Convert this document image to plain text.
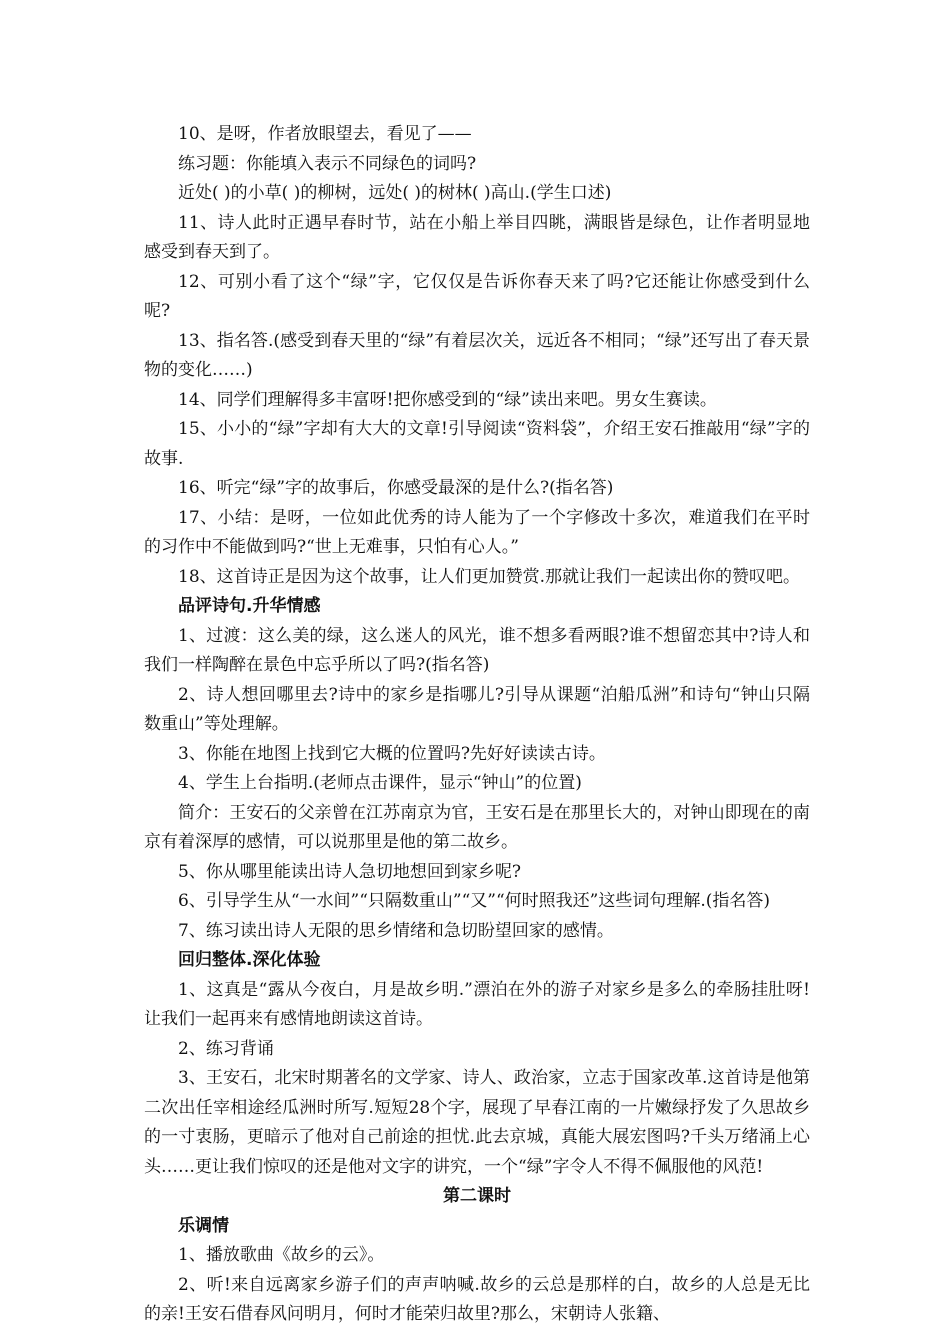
10、是呀，作者放眼望去，看见了——

练习题：你能填入表示不同绿色的词吗?

近处( )的小草( )的柳树，远处( )的树林( )高山.(学生口述)

11、诗人此时正遇早春时节，站在小船上举目四眺，满眼皆是绿色，让作者明显地感受到春天到了。

12、可别小看了这个“绿”字，它仅仅是告诉你春天来了吗?它还能让你感受到什么呢?

13、指名答.(感受到春天里的“绿”有着层次关，远近各不相同；“绿”还写出了春天景物的变化……)

14、同学们理解得多丰富呀!把你感受到的“绿”读出来吧。男女生赛读。

15、小小的“绿”字却有大大的文章!引导阅读“资料袋”，介绍王安石推敲用“绿”字的故事.

16、听完“绿”字的故事后，你感受最深的是什么?(指名答)

17、小结：是呀，一位如此优秀的诗人能为了一个字修改十多次，难道我们在平时的习作中不能做到吗?“世上无难事，只怕有心人。”

18、这首诗正是因为这个故事，让人们更加赞赏.那就让我们一起读出你的赞叹吧。

品评诗句.升华情感

1、过渡：这么美的绿，这么迷人的风光，谁不想多看两眼?谁不想留恋其中?诗人和我们一样陶醉在景色中忘乎所以了吗?(指名答)

2、诗人想回哪里去?诗中的家乡是指哪儿?引导从课题“泊船瓜洲”和诗句“钟山只隔数重山”等处理解。

3、你能在地图上找到它大概的位置吗?先好好读读古诗。

4、学生上台指明.(老师点击课件，显示“钟山”的位置)

简介：王安石的父亲曾在江苏南京为官，王安石是在那里长大的，对钟山即现在的南京有着深厚的感情，可以说那里是他的第二故乡。

5、你从哪里能读出诗人急切地想回到家乡呢?

6、引导学生从“一水间”“只隔数重山”“又”“何时照我还”这些词句理解.(指名答)

7、练习读出诗人无限的思乡情绪和急切盼望回家的感情。

回归整体.深化体验

1、这真是“露从今夜白，月是故乡明.”漂泊在外的游子对家乡是多么的牵肠挂肚呀!让我们一起再来有感情地朗读这首诗。

2、练习背诵

3、王安石，北宋时期著名的文学家、诗人、政治家，立志于国家改革.这首诗是他第二次出任宰相途经瓜洲时所写.短短28个字，展现了早春江南的一片嫩绿抒发了久思故乡的一寸衷肠，更暗示了他对自己前途的担忧.此去京城，真能大展宏图吗?千头万绪涌上心头……更让我们惊叹的还是他对文字的讲究，一个“绿”字令人不得不佩服他的风范!

第二课时

乐调情

1、播放歌曲《故乡的云》。

2、听!来自远离家乡游子们的声声呐喊.故乡的云总是那样的白，故乡的人总是无比的亲!王安石借春风问明月，何时才能荣归故里?那么，宋朝诗人张籍、
